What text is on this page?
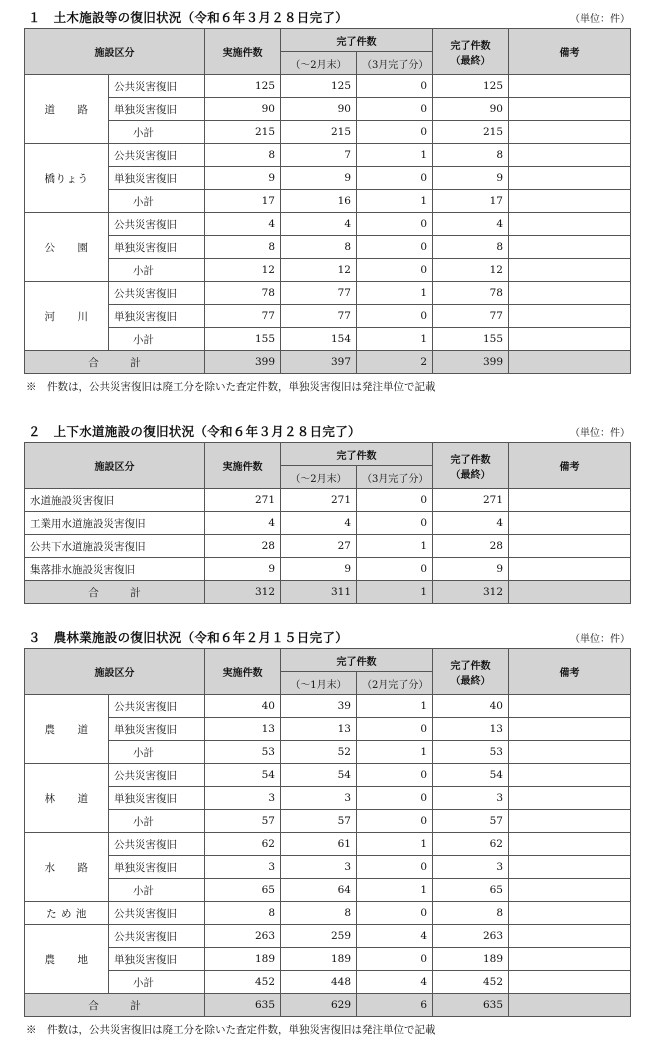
１　土木施設等の復旧状況（令和６年３月２８日完了）	（単位：件）
施設区分		実施件数	完了件数		完了件数
（最終）	備考
			（～2月末）	（3月完了分）		
道　　路	公共災害復旧	125	125	0	125	
	単独災害復旧	90	90	0	90	
	小計	215	215	0	215	
橋りょう	公共災害復旧	8	7	1	8	
	単独災害復旧	9	9	0	9	
	小計	17	16	1	17	
公　　園	公共災害復旧	4	4	0	4	
	単独災害復旧	8	8	0	8	
	小計	12	12	0	12	
河　　川	公共災害復旧	78	77	1	78	
	単独災害復旧	77	77	0	77	
	小計	155	154	1	155	
合　　　計		399	397	2	399	
※　件数は，公共災害復旧は廃工分を除いた査定件数，単独災害復旧は発注単位で記載
２　上下水道施設の復旧状況（令和６年３月２８日完了）	（単位：件）
施設区分	実施件数	完了件数		完了件数
（最終）	備考
		（～2月末）	（3月完了分）		
水道施設災害復旧	271	271	0	271	
工業用水道施設災害復旧	4	4	0	4	
公共下水道施設災害復旧	28	27	1	28	
集落排水施設災害復旧	9	9	0	9	
合　　　計	312	311	1	312	
３　農林業施設の復旧状況（令和６年２月１５日完了）	（単位：件）
施設区分		実施件数	完了件数		完了件数
（最終）	備考
			（～1月末）	（2月完了分）		
農　　道	公共災害復旧	40	39	1	40	
	単独災害復旧	13	13	0	13	
	小計	53	52	1	53	
林　　道	公共災害復旧	54	54	0	54	
	単独災害復旧	3	3	0	3	
	小計	57	57	0	57	
水　　路	公共災害復旧	62	61	1	62	
	単独災害復旧	3	3	0	3	
	小計	65	64	1	65	
た め 池	公共災害復旧	8	8	0	8	
農　　地	公共災害復旧	263	259	4	263	
	単独災害復旧	189	189	0	189	
	小計	452	448	4	452	
合　　　計		635	629	6	635	
※　件数は，公共災害復旧は廃工分を除いた査定件数，単独災害復旧は発注単位で記載
